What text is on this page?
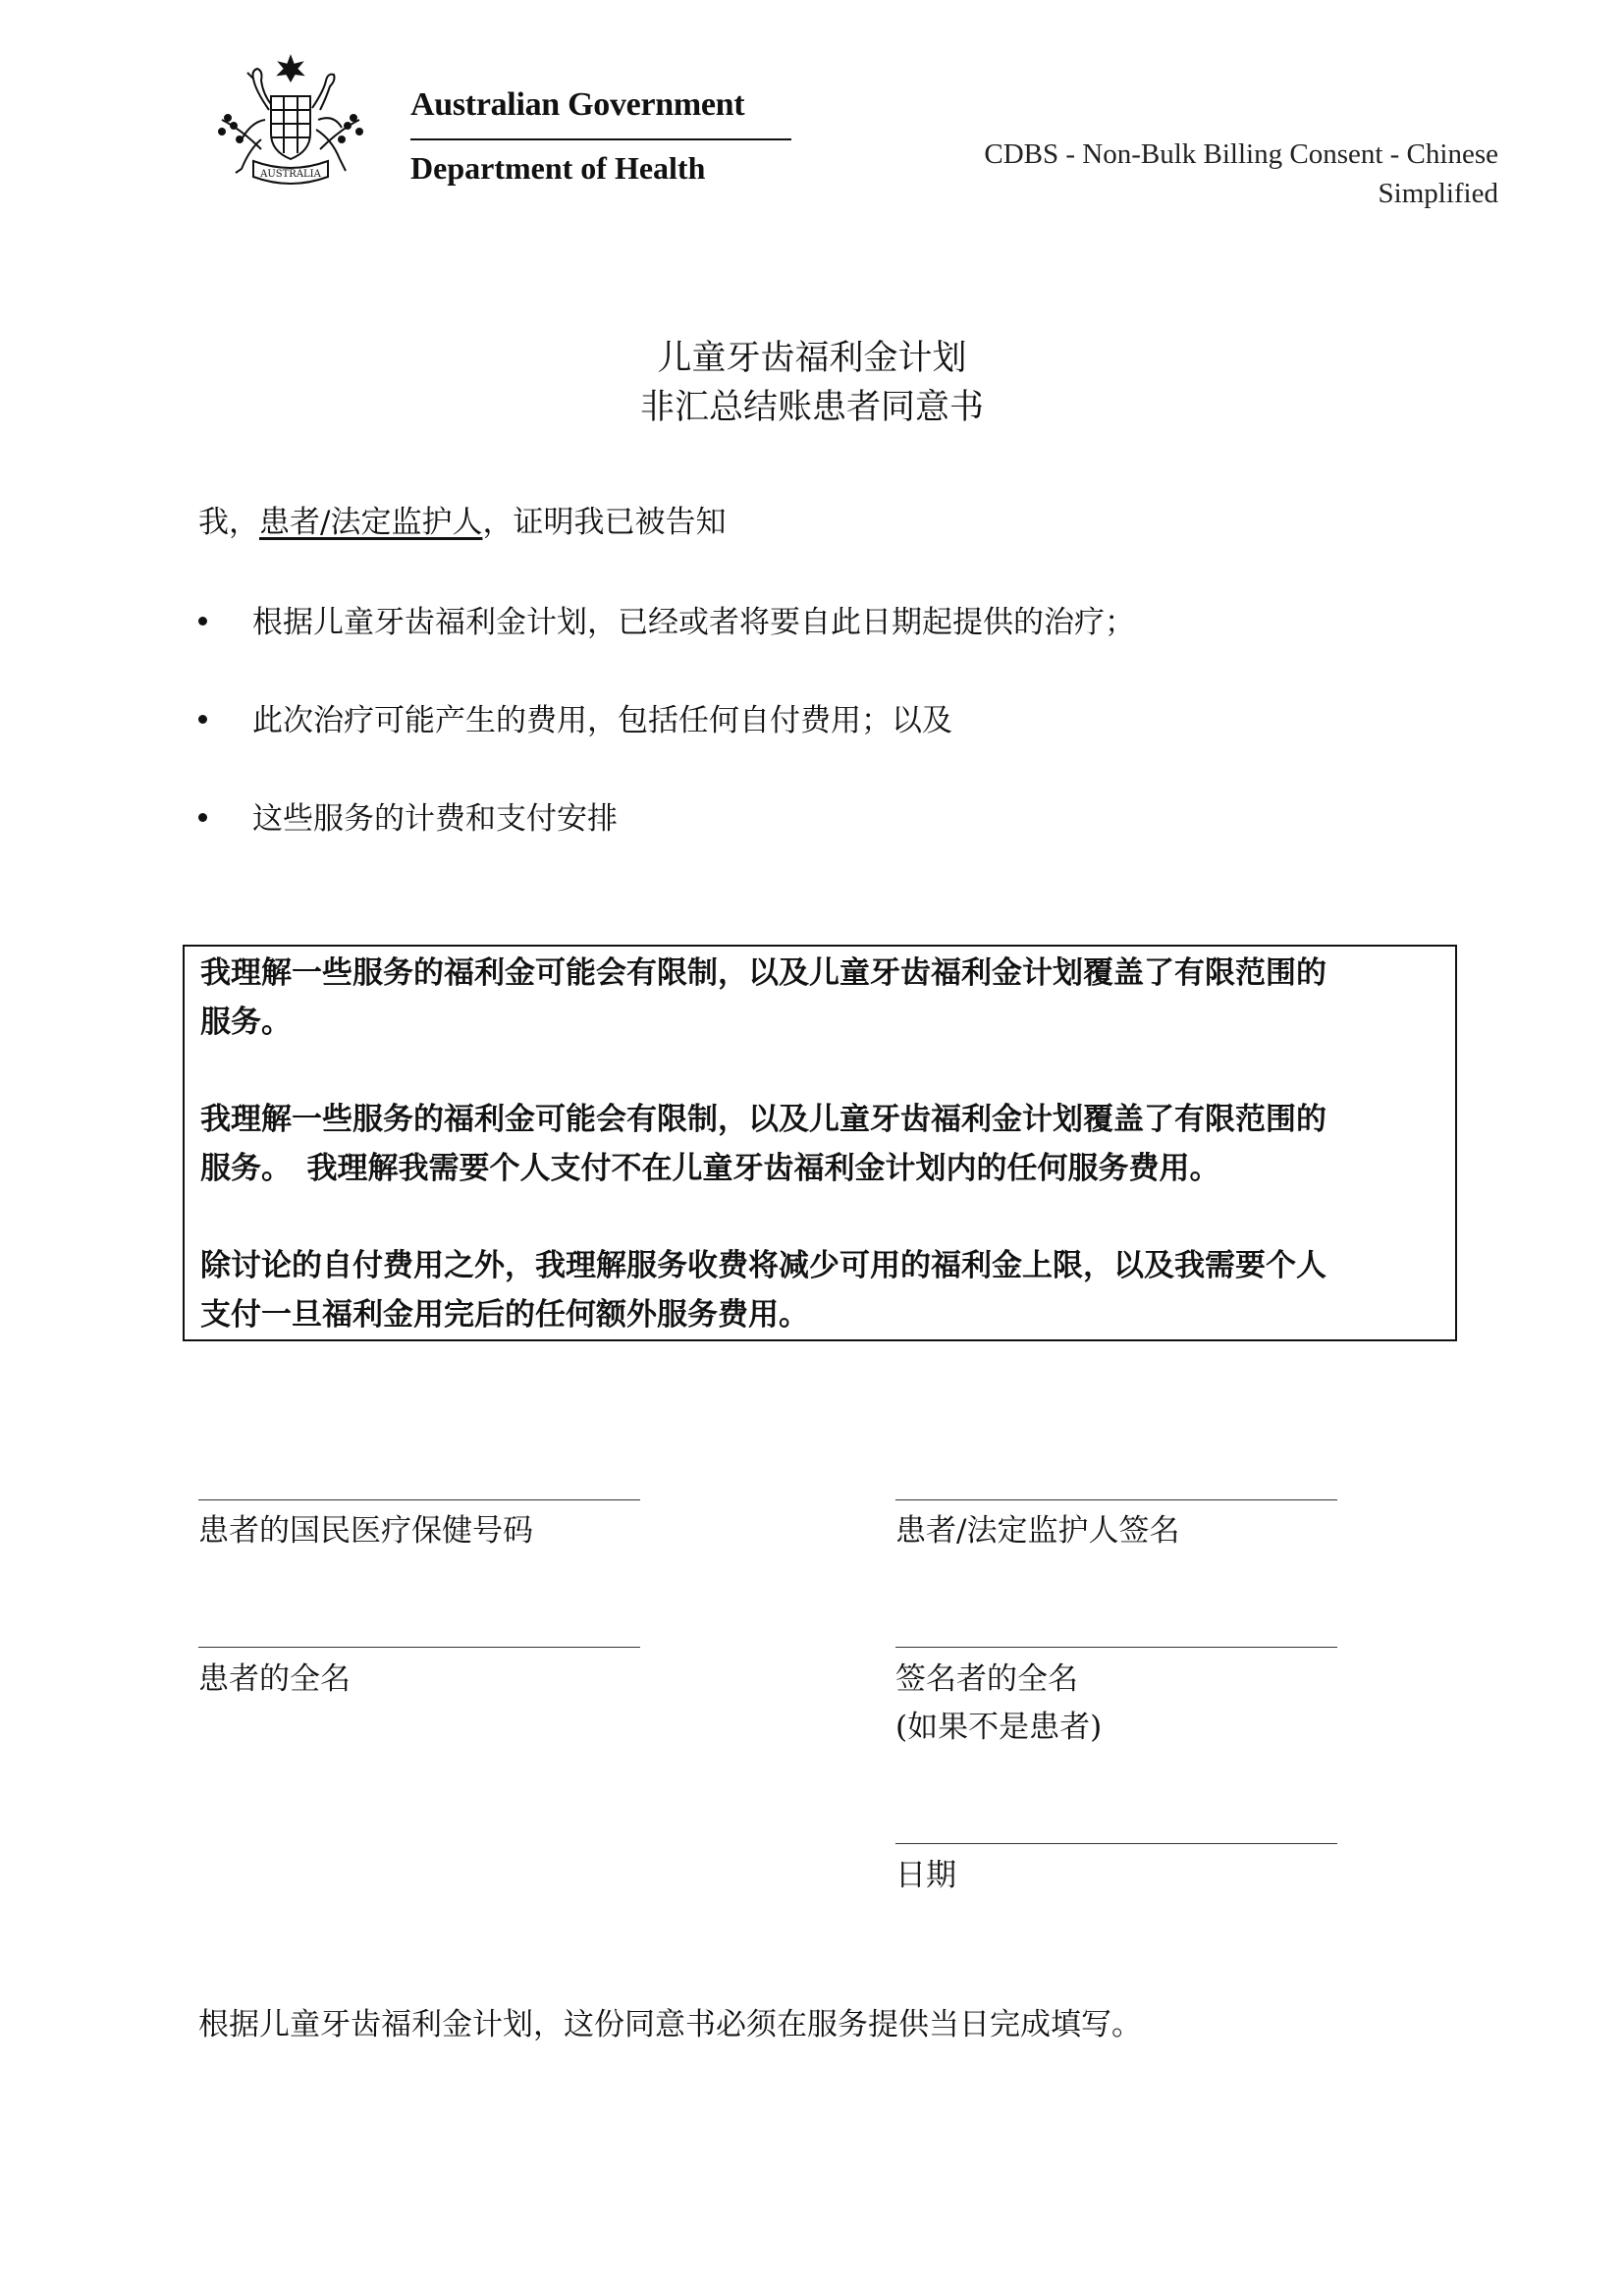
AUSTRALIA
Australian Government
Department of Health	CDBS - Non-Bulk Billing Consent - Chinese
Simplified
儿童牙齿福利金计划
非汇总结账患者同意书
我，患者/法定监护人，证明我已被告知
根据儿童牙齿福利金计划，已经或者将要自此日期起提供的治疗；
此次治疗可能产生的费用，包括任何自付费用；以及
这些服务的计费和支付安排
我理解一些服务的福利金可能会有限制，以及儿童牙齿福利金计划覆盖了有限范围的
服务。
我理解一些服务的福利金可能会有限制，以及儿童牙齿福利金计划覆盖了有限范围的
服务。　我理解我需要个人支付不在儿童牙齿福利金计划内的任何服务费用。
除讨论的自付费用之外，我理解服务收费将减少可用的福利金上限，以及我需要个人
支付一旦福利金用完后的任何额外服务费用。
患者的国民医疗保健号码
患者的全名
患者/法定监护人签名
签名者的全名
(如果不是患者)
日期
根据儿童牙齿福利金计划，这份同意书必须在服务提供当日完成填写。
